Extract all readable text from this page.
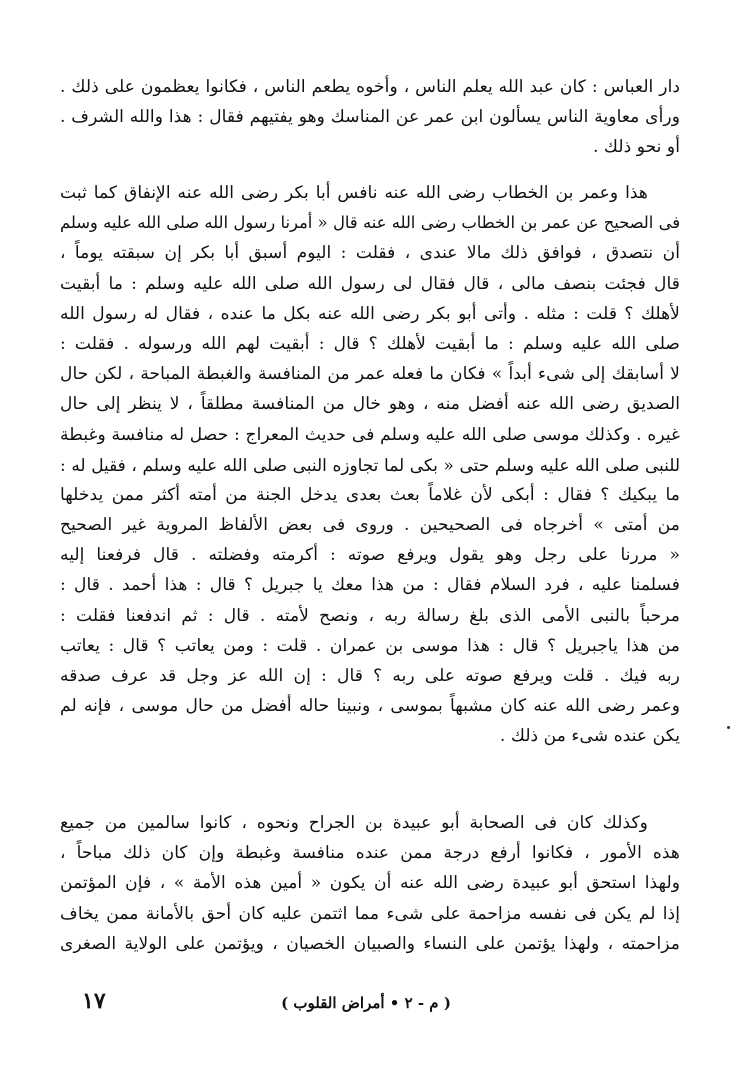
دار العباس : كان عبد الله يعلم الناس ، وأخوه يطعم الناس ، فكانوا يعظمون على ذلك .
ورأى معاوية الناس يسألون ابن عمر عن المناسك وهو يفتيهم فقال : هذا والله الشرف .
أو نحو ذلك .
هذا وعمر بن الخطاب رضى الله عنه نافس أبا بكر رضى الله عنه الإنفاق كما ثبت
فى الصحيح عن عمر بن الخطاب رضى الله عنه قال « أمرنا رسول الله صلى الله عليه وسلم
أن نتصدق ، فوافق ذلك مالا عندى ، فقلت : اليوم أسبق أبا بكر إن سبقته يوماً ،
قال فجئت بنصف مالى ، قال فقال لى رسول الله صلى الله عليه وسلم : ما أبقيت
لأهلك ؟ قلت : مثله . وأتى أبو بكر رضى الله عنه بكل ما عنده ، فقال له رسول الله
صلى الله عليه وسلم : ما أبقيت لأهلك ؟ قال : أبقيت لهم الله ورسوله . فقلت :
لا أسابقك إلى شىء أبداً » فكان ما فعله عمر من المنافسة والغبطة المباحة ، لكن حال
الصديق رضى الله عنه أفضل منه ، وهو خال من المنافسة مطلقاً ، لا ينظر إلى حال
غيره . وكذلك موسى صلى الله عليه وسلم فى حديث المعراج : حصل له منافسة وغبطة
للنبى صلى الله عليه وسلم حتى « بكى لما تجاوزه النبى صلى الله عليه وسلم ، فقيل له :
ما يبكيك ؟ فقال : أبكى لأن غلاماً بعث بعدى يدخل الجنة من أمته أكثر ممن يدخلها
من أمتى » أخرجاه فى الصحيحين . وروى فى بعض الألفاظ المروية غير الصحيح
« مررنا على رجل وهو يقول ويرفع صوته : أكرمته وفضلته . قال فرفعنا إليه
فسلمنا عليه ، فرد السلام فقال : من هذا معك يا جبريل ؟ قال : هذا أحمد . قال :
مرحباً بالنبى الأمى الذى بلغ رسالة ربه ، ونصح لأمته . قال : ثم اندفعنا فقلت :
من هذا ياجبريل ؟ قال : هذا موسى بن عمران . قلت : ومن يعاتب ؟ قال : يعاتب
ربه فيك . قلت ويرفع صوته على ربه ؟ قال : إن الله عز وجل قد عرف صدقه
وعمر رضى الله عنه كان مشبهاً بموسى ، ونبينا حاله أفضل من حال موسى ، فإنه لم
يكن عنده شىء من ذلك .
وكذلك كان فى الصحابة أبو عبيدة بن الجراح ونحوه ، كانوا سالمين من جميع
هذه الأمور ، فكانوا أرفع درجة ممن عنده منافسة وغبطة وإن كان ذلك مباحاً ،
ولهذا استحق أبو عبيدة رضى الله عنه أن يكون « أمين هذه الأمة » ، فإن المؤتمن
إذا لم يكن فى نفسه مزاحمة على شىء مما اثتمن عليه كان أحق بالأمانة ممن يخاف
مزاحمته ، ولهذا يؤتمن على النساء والصبيان الخصيان ، ويؤتمن على الولاية الصغرى
( م - ٢ • أمراض القلوب )
١٧
